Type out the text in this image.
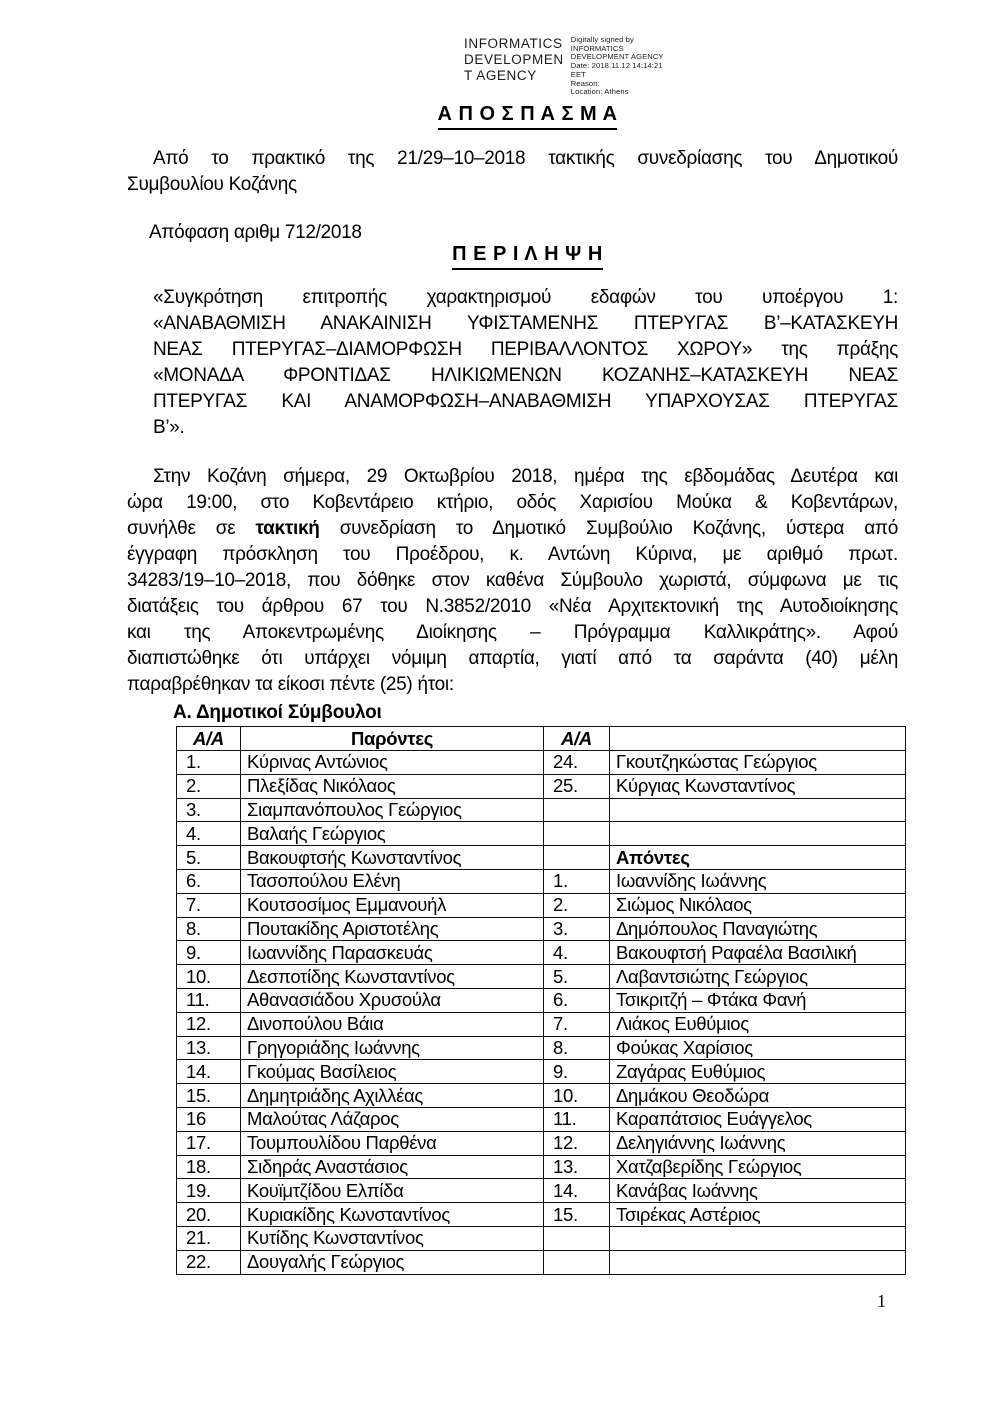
INFORMATICS
DEVELOPMEN
T AGENCY
Digitally signed by
INFORMATICS
DEVELOPMENT AGENCY
Date: 2018.11.12 14:14:21
EET
Reason:
Location: Athens
Α Π Ο Σ Π Α Σ Μ Α
Από το πρακτικό της 21/29–10–2018 τακτικής συνεδρίασης του Δημοτικού
Συμβουλίου Κοζάνης
Απόφαση αριθμ 712/2018
Π Ε Ρ Ι Λ Η Ψ Η
«Συγκρότηση επιτροπής χαρακτηρισμού εδαφών του υποέργου 1:
«ΑΝΑΒΑΘΜΙΣΗ ΑΝΑΚΑΙΝΙΣΗ ΥΦΙΣΤΑΜΕΝΗΣ ΠΤΕΡΥΓΑΣ Β’–ΚΑΤΑΣΚΕΥΗ
ΝΕΑΣ ΠΤΕΡΥΓΑΣ–ΔΙΑΜΟΡΦΩΣΗ ΠΕΡΙΒΑΛΛΟΝΤΟΣ ΧΩΡΟΥ» της πράξης
«ΜΟΝΑΔΑ ΦΡΟΝΤΙΔΑΣ ΗΛΙΚΙΩΜΕΝΩΝ ΚΟΖΑΝΗΣ–ΚΑΤΑΣΚΕΥΗ ΝΕΑΣ
ΠΤΕΡΥΓΑΣ ΚΑΙ ΑΝΑΜΟΡΦΩΣΗ–ΑΝΑΒΑΘΜΙΣΗ ΥΠΑΡΧΟΥΣΑΣ ΠΤΕΡΥΓΑΣ
Β’».
Στην Κοζάνη σήμερα, 29 Οκτωβρίου 2018, ημέρα της εβδομάδας Δευτέρα και
ώρα 19:00, στο Κοβεντάρειο κτήριο, οδός Χαρισίου Μούκα & Κοβεντάρων,
συνήλθε σε τακτική συνεδρίαση το Δημοτικό Συμβούλιο Κοζάνης, ύστερα από
έγγραφη πρόσκληση του Προέδρου, κ. Αντώνη Κύρινα, με αριθμό πρωτ.
34283/19–10–2018, που δόθηκε στον καθένα Σύμβουλο χωριστά, σύμφωνα με τις
διατάξεις του άρθρου 67 του Ν.3852/2010 «Νέα Αρχιτεκτονική της Αυτοδιοίκησης
και της Αποκεντρωμένης Διοίκησης – Πρόγραμμα Καλλικράτης». Αφού
διαπιστώθηκε ότι υπάρχει νόμιμη απαρτία, γιατί από τα σαράντα (40) μέλη
παραβρέθηκαν τα είκοσι πέντε (25) ήτοι:
Α. Δημοτικοί Σύμβουλοι
Α/Α	Παρόντες	Α/Α	
1.	Κύρινας Αντώνιος	24.	Γκουτζηκώστας Γεώργιος
2.	Πλεξίδας Νικόλαος	25.	Κύργιας Κωνσταντίνος
3.	Σιαμπανόπουλος Γεώργιος		
4.	Βαλαής Γεώργιος		
5.	Βακουφτσής Κωνσταντίνος		Απόντες
6.	Τασοπούλου Ελένη	1.	Ιωαννίδης Ιωάννης
7.	Κουτσοσίμος Εμμανουήλ	2.	Σιώμος Νικόλαος
8.	Πουτακίδης Αριστοτέλης	3.	Δημόπουλος Παναγιώτης
9.	Ιωαννίδης Παρασκευάς	4.	Βακουφτσή Ραφαέλα Βασιλική
10.	Δεσποτίδης Κωνσταντίνος	5.	Λαβαντσιώτης Γεώργιος
11.	Αθανασιάδου Χρυσούλα	6.	Τσικριτζή – Φτάκα Φανή
12.	Δινοπούλου Βάια	7.	Λιάκος Ευθύμιος
13.	Γρηγοριάδης Ιωάννης	8.	Φούκας Χαρίσιος
14.	Γκούμας Βασίλειος	9.	Ζαγάρας Ευθύμιος
15.	Δημητριάδης Αχιλλέας	10.	Δημάκου Θεοδώρα
16	Μαλούτας Λάζαρος	11.	Καραπάτσιος Ευάγγελος
17.	Τουμπουλίδου Παρθένα	12.	Δεληγιάννης Ιωάννης
18.	Σιδηράς Αναστάσιος	13.	Χατζαβερίδης Γεώργιος
19.	Κουϊμτζίδου Ελπίδα	14.	Κανάβας Ιωάννης
20.	Κυριακίδης Κωνσταντίνος	15.	Τσιρέκας Αστέριος
21.	Κυτίδης Κωνσταντίνος		
22.	Δουγαλής Γεώργιος		
1
